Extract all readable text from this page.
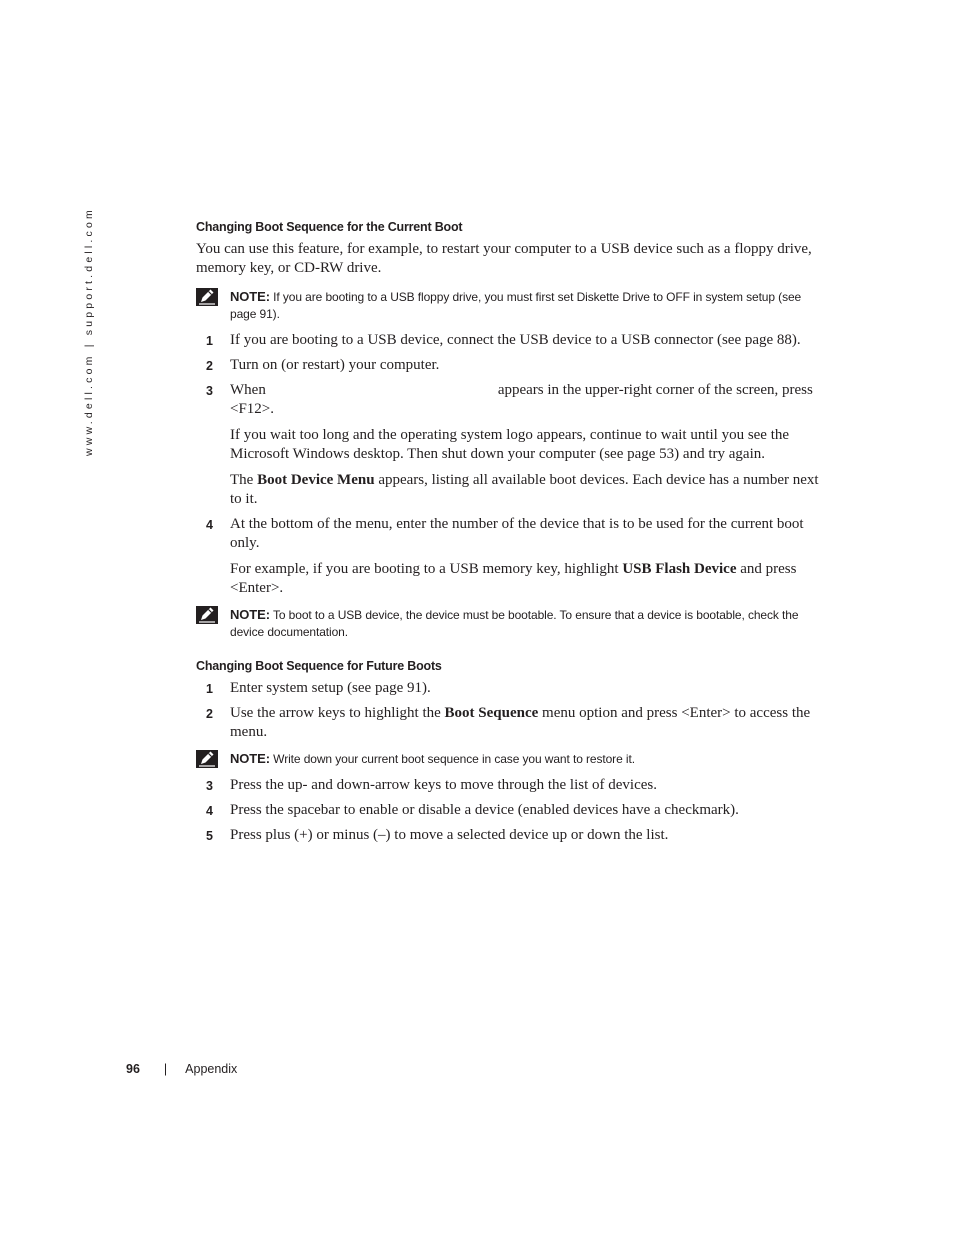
www.dell.com | support.dell.com	Changing Boot Sequence for the Current Boot

You can use this feature, for example, to restart your computer to a USB device such as a floppy drive, memory key, or CD-RW drive.

NOTE: If you are booting to a USB floppy drive, you must first set Diskette Drive to OFF in system setup (see page 91).
1 If you are booting to a USB device, connect the USB device to a USB connector (see page 88).
2 Turn on (or restart) your computer.
3 When	appears in the upper-right corner of the screen, press <F12>.
If you wait too long and the operating system logo appears, continue to wait until you see the Microsoft Windows desktop. Then shut down your computer (see page 53) and try again.
The Boot Device Menu appears, listing all available boot devices. Each device has a number next to it.
4 At the bottom of the menu, enter the number of the device that is to be used for the current boot only.
For example, if you are booting to a USB memory key, highlight USB Flash Device and press <Enter>.
NOTE: To boot to a USB device, the device must be bootable. To ensure that a device is bootable, check the device documentation.
Changing Boot Sequence for Future Boots
1 Enter system setup (see page 91).
2 Use the arrow keys to highlight the Boot Sequence menu option and press <Enter> to access the menu.
NOTE: Write down your current boot sequence in case you want to restore it.
3 Press the up- and down-arrow keys to move through the list of devices.
4 Press the spacebar to enable or disable a device (enabled devices have a checkmark).
5 Press plus (+) or minus (–) to move a selected device up or down the list.
96 | Appendix
